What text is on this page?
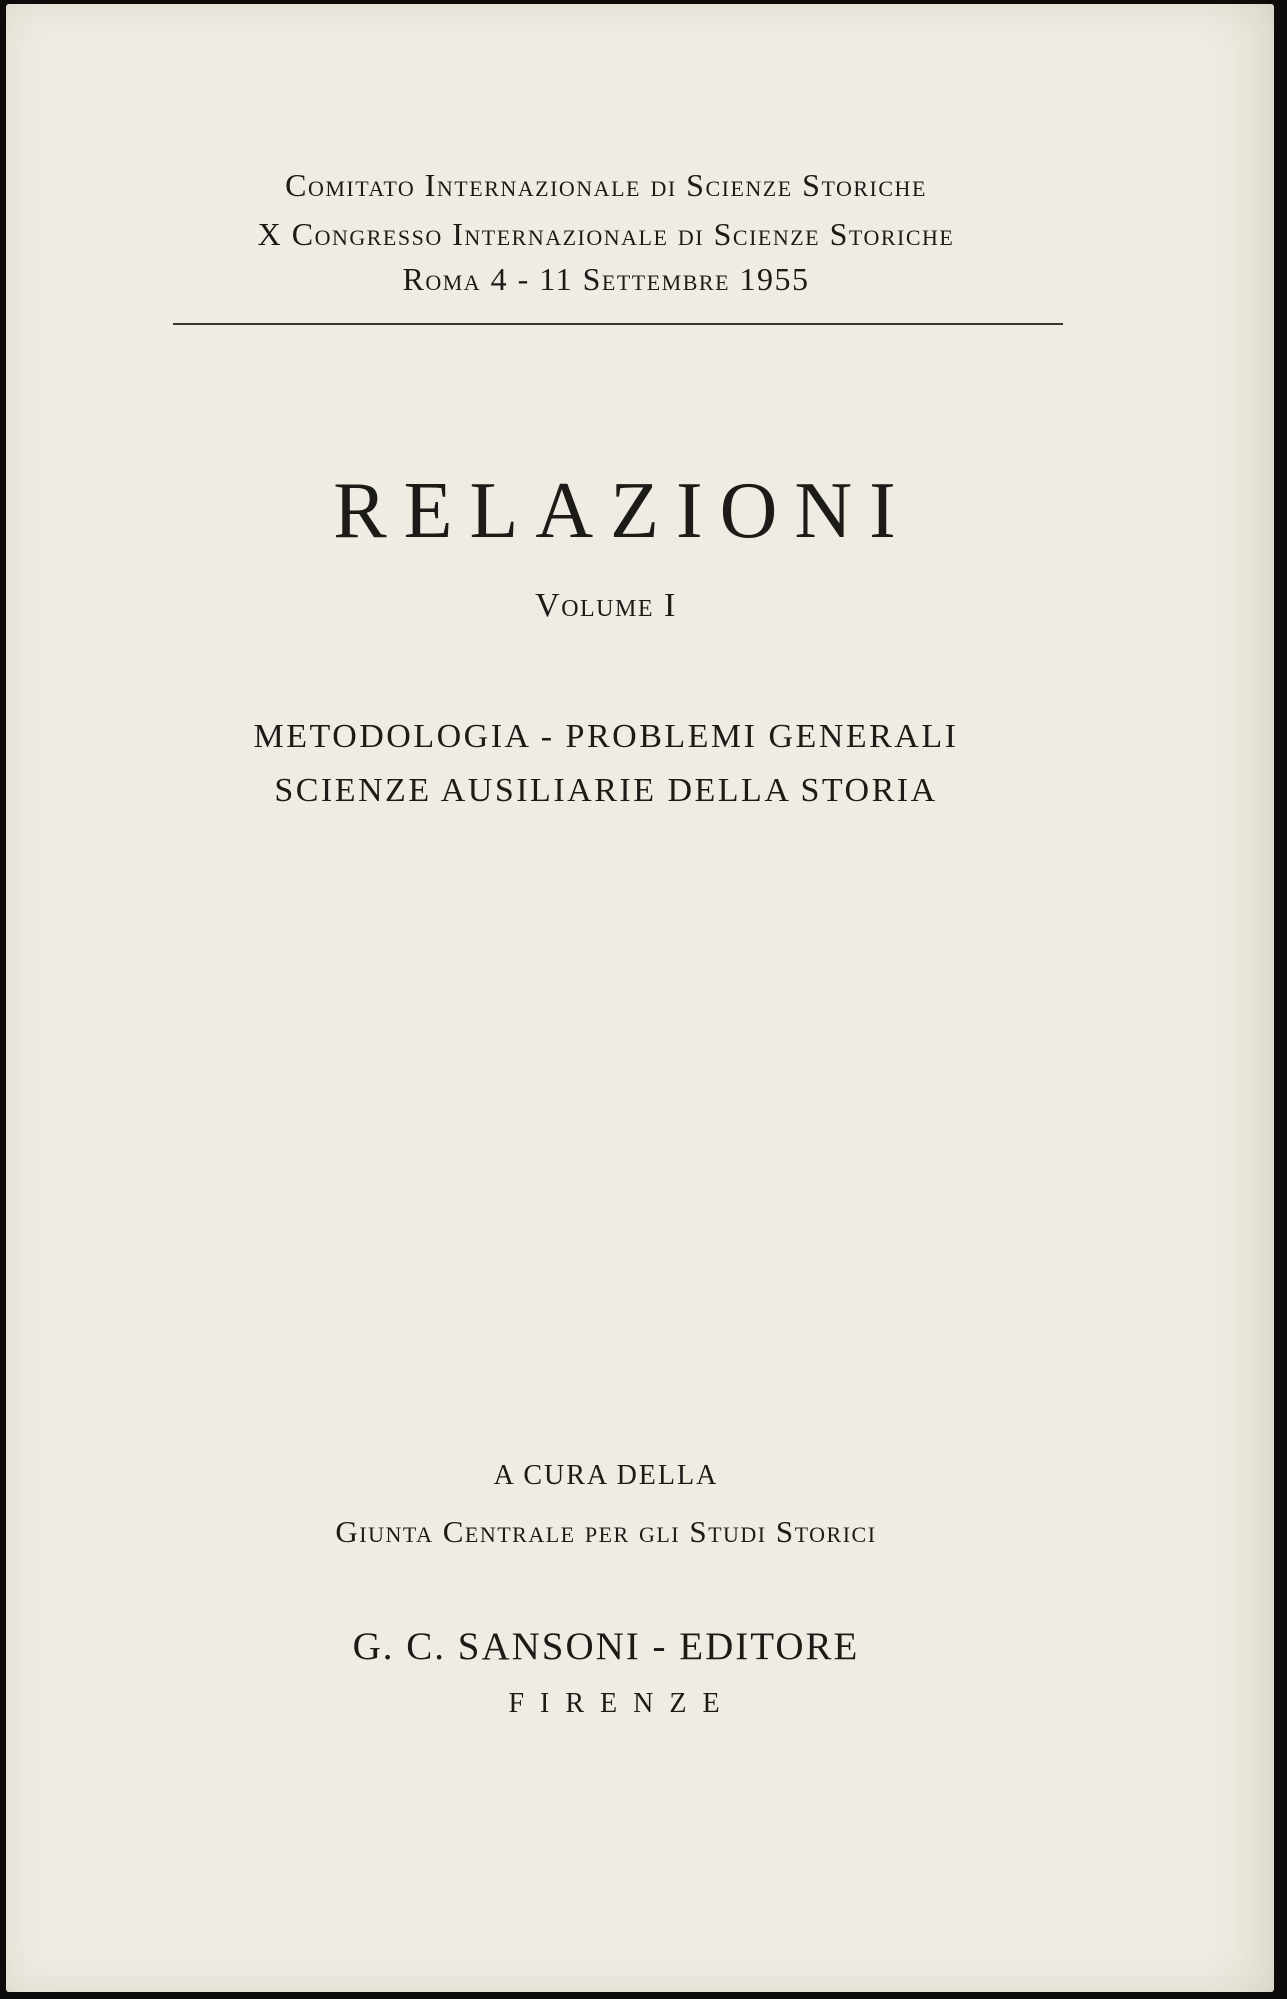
Comitato Internazionale di Scienze Storiche
X Congresso Internazionale di Scienze Storiche
Roma 4 - 11 Settembre 1955
RELAZIONI
Volume I
METODOLOGIA - PROBLEMI GENERALI
SCIENZE AUSILIARIE DELLA STORIA
A CURA DELLA
Giunta Centrale per gli Studi Storici
G. C. SANSONI - EDITORE
FIRENZE
